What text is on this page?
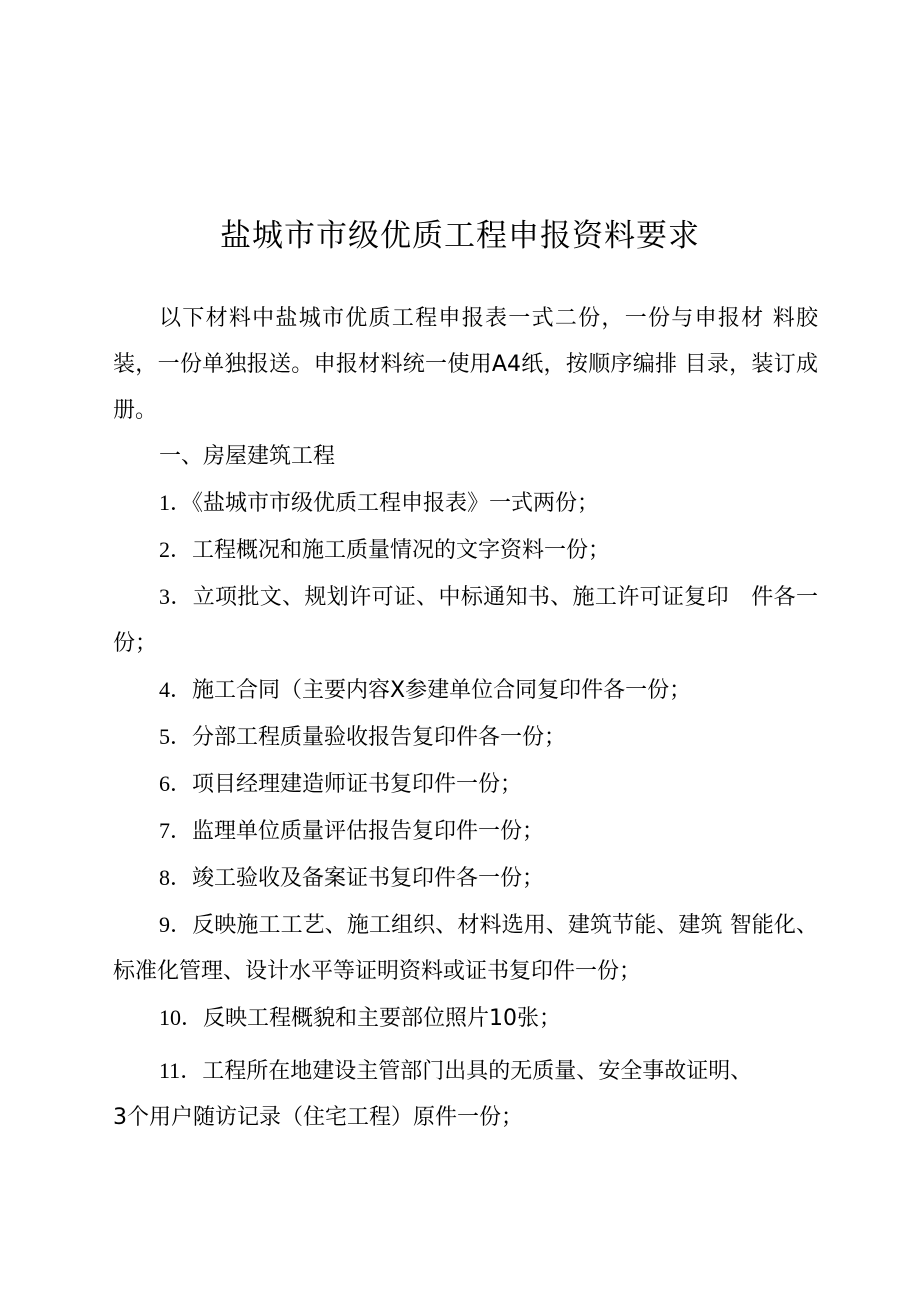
盐城市市级优质工程申报资料要求

以下材料中盐城市优质工程申报表一式二份，一份与申报材 料胶装，一份单独报送。申报材料统一使用A4纸，按顺序编排 目录，装订成册。

一、房屋建筑工程

1．《盐城市市级优质工程申报表》一式两份；

2．工程概况和施工质量情况的文字资料一份；

3．立项批文、规划许可证、中标通知书、施工许可证复印　件各一份；

4．施工合同（主要内容X参建单位合同复印件各一份；

5．分部工程质量验收报告复印件各一份；

6．项目经理建造师证书复印件一份；

7．监理单位质量评估报告复印件一份；

8．竣工验收及备案证书复印件各一份；

9．反映施工工艺、施工组织、材料选用、建筑节能、建筑 智能化、标准化管理、设计水平等证明资料或证书复印件一份；

10．反映工程概貌和主要部位照片10张；

11．工程所在地建设主管部门出具的无质量、安全事故证明、

3个用户随访记录（住宅工程）原件一份；
